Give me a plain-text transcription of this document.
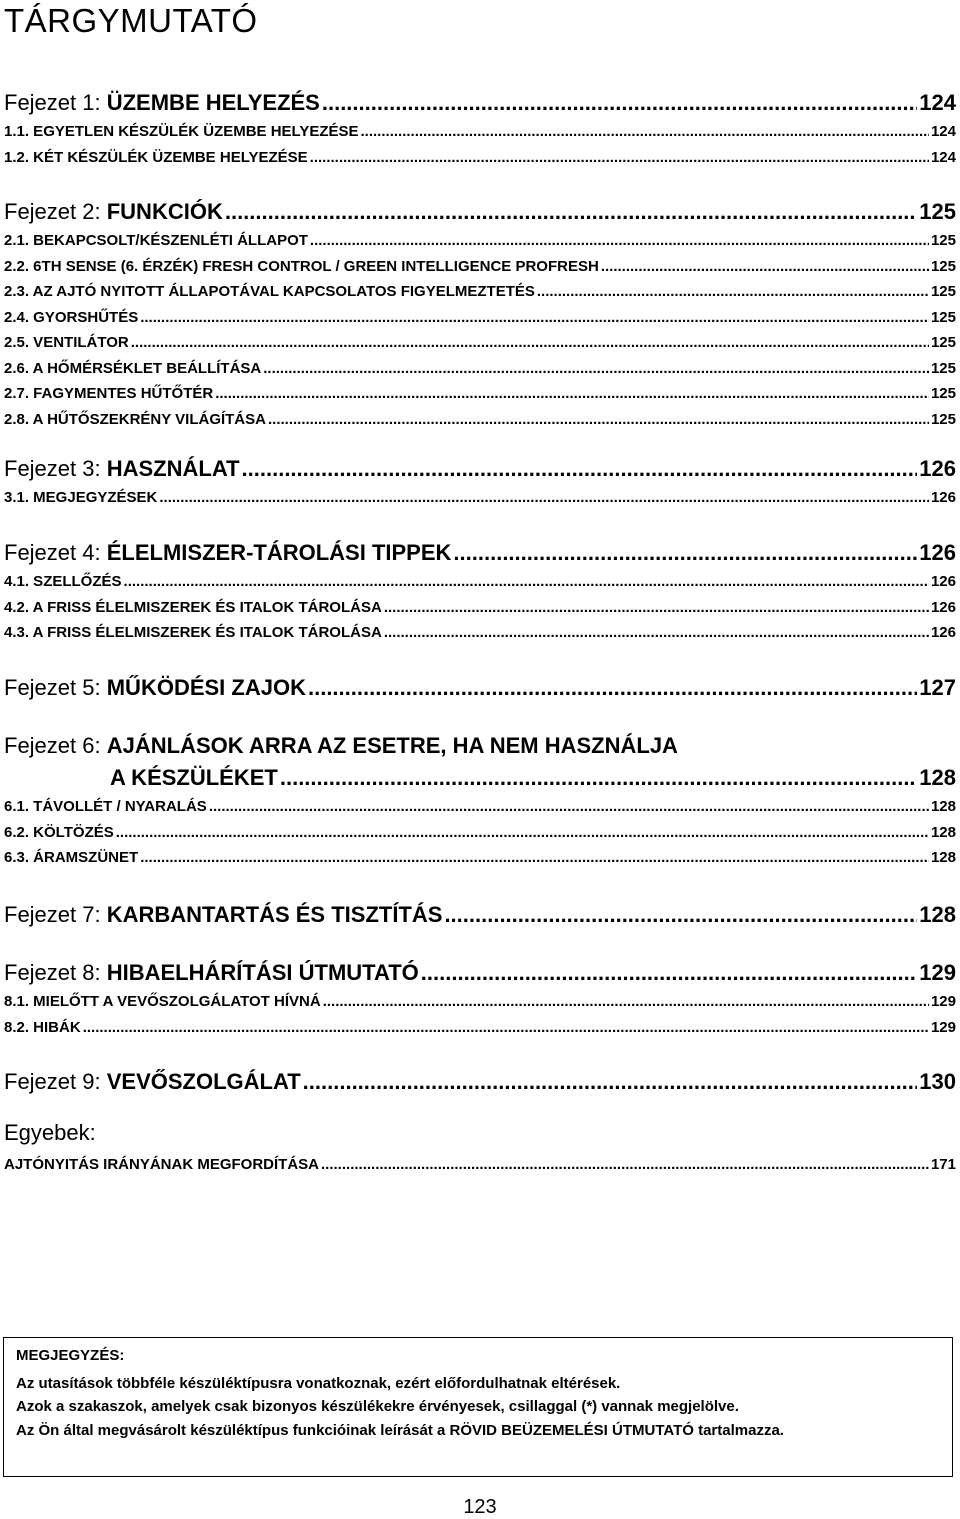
TÁRGYMUTATÓ
Fejezet 1: ÜZEMBE HELYEZÉS .....	124
1.1. EGYETLEN KÉSZÜLÉK ÜZEMBE HELYEZÉSE .....	124
1.2. KÉT KÉSZÜLÉK ÜZEMBE HELYEZÉSE .....	124
Fejezet 2: FUNKCIÓK .....	125
2.1. BEKAPCSOLT/KÉSZENLÉTI ÁLLAPOT .....	125
2.2. 6TH SENSE (6. ÉRZÉK) FRESH CONTROL / GREEN INTELLIGENCE PROFRESH .....	125
2.3. AZ AJTÓ NYITOTT ÁLLAPOTÁVAL KAPCSOLATOS FIGYELMEZTETÉS .....	125
2.4. GYORSHŰTÉS .....	125
2.5. VENTILÁTOR .....	125
2.6. A HŐMÉRSÉKLET BEÁLLÍTÁSA .....	125
2.7. FAGYMENTES HŰTŐTÉR .....	125
2.8. A HŰTŐSZEKRÉNY VILÁGÍTÁSA .....	125
Fejezet 3: HASZNÁLAT .....	126
3.1. MEGJEGYZÉSEK .....	126
Fejezet 4: ÉLELMISZER-TÁROLÁSI TIPPEK .....	126
4.1. SZELLŐZÉS .....	126
4.2. A FRISS ÉLELMISZEREK ÉS ITALOK TÁROLÁSA .....	126
4.3. A FRISS ÉLELMISZEREK ÉS ITALOK TÁROLÁSA .....	126
Fejezet 5: MŰKÖDÉSI ZAJOK .....	127
Fejezet 6: AJÁNLÁSOK ARRA AZ ESETRE, HA NEM HASZNÁLJA
A KÉSZÜLÉKET .....	128
6.1. TÁVOLLÉT / NYARALÁS .....	128
6.2. KÖLTÖZÉS .....	128
6.3. ÁRAMSZÜNET .....	128
Fejezet 7: KARBANTARTÁS ÉS TISZTÍTÁS .....	128
Fejezet 8: HIBAELHÁRÍTÁSI ÚTMUTATÓ .....	129
8.1. MIELŐTT A VEVŐSZOLGÁLATOT HÍVNÁ .....	129
8.2. HIBÁK .....	129
Fejezet 9: VEVŐSZOLGÁLAT .....	130
Egyebek:
AJTÓNYITÁS IRÁNYÁNAK MEGFORDÍTÁSA .....	171

MEGJEGYZÉS:

Az utasítások többféle készüléktípusra vonatkoznak, ezért előfordulhatnak eltérések.

Azok a szakaszok, amelyek csak bizonyos készülékekre érvényesek, csillaggal (*) vannak megjelölve.

Az Ön által megvásárolt készüléktípus funkcióinak leírását a RÖVID BEÜZEMELÉSI ÚTMUTATÓ tartalmazza.

123
